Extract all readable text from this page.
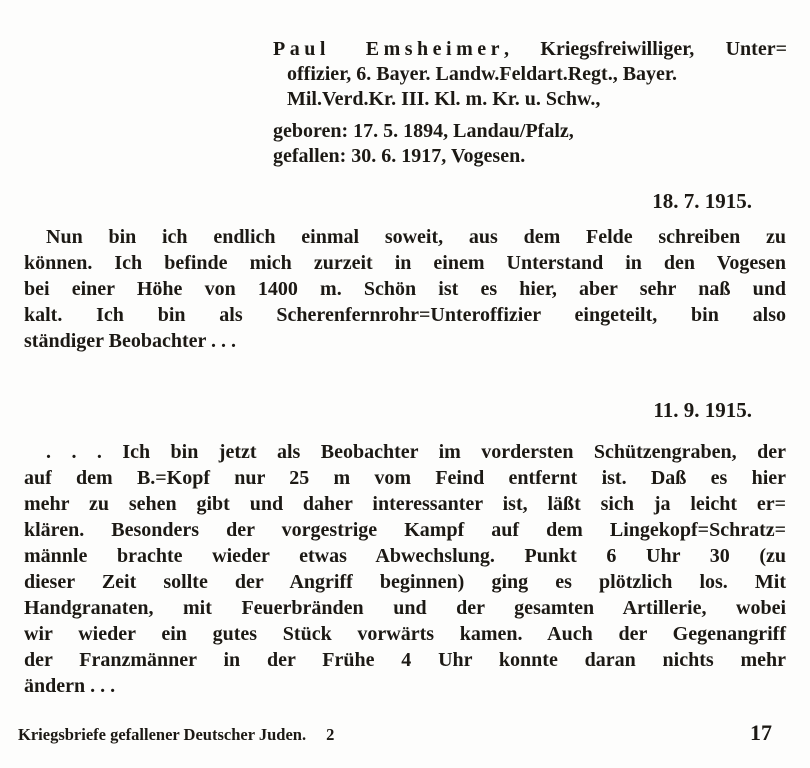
Paul Emsheimer, Kriegsfreiwilliger, Unter=
offizier, 6. Bayer. Landw.Feldart.Regt., Bayer.
Mil.Verd.Kr. III. Kl. m. Kr. u. Schw.,
geboren: 17. 5. 1894, Landau/Pfalz,
gefallen: 30. 6. 1917, Vogesen.
18. 7. 1915.
Nun bin ich endlich einmal soweit, aus dem Felde schreiben zu
können. Ich befinde mich zurzeit in einem Unterstand in den Vogesen
bei einer Höhe von 1400 m. Schön ist es hier, aber sehr naß und
kalt. Ich bin als Scherenfernrohr=Unteroffizier eingeteilt, bin also
ständiger Beobachter . . .
11. 9. 1915.
. . . Ich bin jetzt als Beobachter im vordersten Schützengraben, der
auf dem B.=Kopf nur 25 m vom Feind entfernt ist. Daß es hier
mehr zu sehen gibt und daher interessanter ist, läßt sich ja leicht er=
klären. Besonders der vorgestrige Kampf auf dem Lingekopf=Schratz=
männle brachte wieder etwas Abwechslung. Punkt 6 Uhr 30 (zu
dieser Zeit sollte der Angriff beginnen) ging es plötzlich los. Mit
Handgranaten, mit Feuerbränden und der gesamten Artillerie, wobei
wir wieder ein gutes Stück vorwärts kamen. Auch der Gegenangriff
der Franzmänner in der Frühe 4 Uhr konnte daran nichts mehr
ändern . . .
Kriegsbriefe gefallener Deutscher Juden. 2	17
